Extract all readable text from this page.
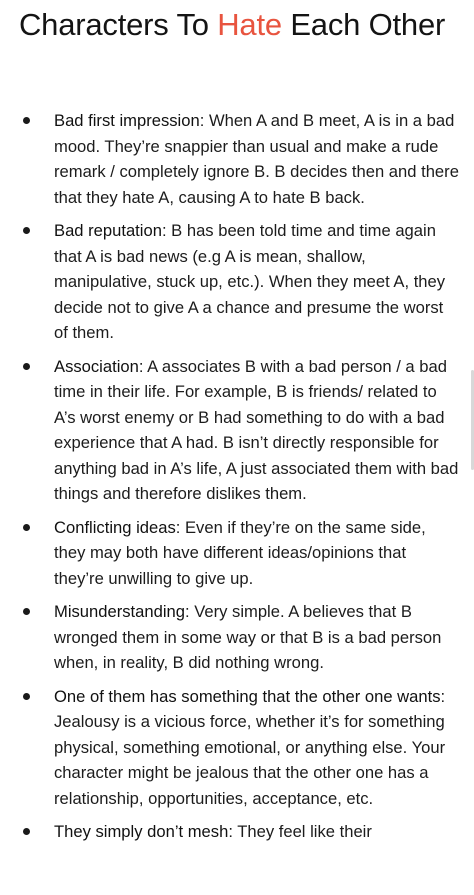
Characters To Hate Each Other
Bad first impression: When A and B meet, A is in a bad mood. They’re snappier than usual and make a rude remark / completely ignore B. B decides then and there that they hate A, causing A to hate B back.
Bad reputation: B has been told time and time again that A is bad news (e.g A is mean, shallow, manipulative, stuck up, etc.). When they meet A, they decide not to give A a chance and presume the worst of them.
Association: A associates B with a bad person / a bad time in their life. For example, B is friends/ related to A’s worst enemy or B had something to do with a bad experience that A had. B isn’t directly responsible for anything bad in A’s life, A just associated them with bad things and therefore dislikes them.
Conflicting ideas: Even if they’re on the same side, they may both have different ideas/opinions that they’re unwilling to give up.
Misunderstanding: Very simple. A believes that B wronged them in some way or that B is a bad person when, in reality, B did nothing wrong.
One of them has something that the other one wants: Jealousy is a vicious force, whether it’s for something physical, something emotional, or anything else. Your character might be jealous that the other one has a relationship, opportunities, acceptance, etc.
They simply don’t mesh: They feel like their
